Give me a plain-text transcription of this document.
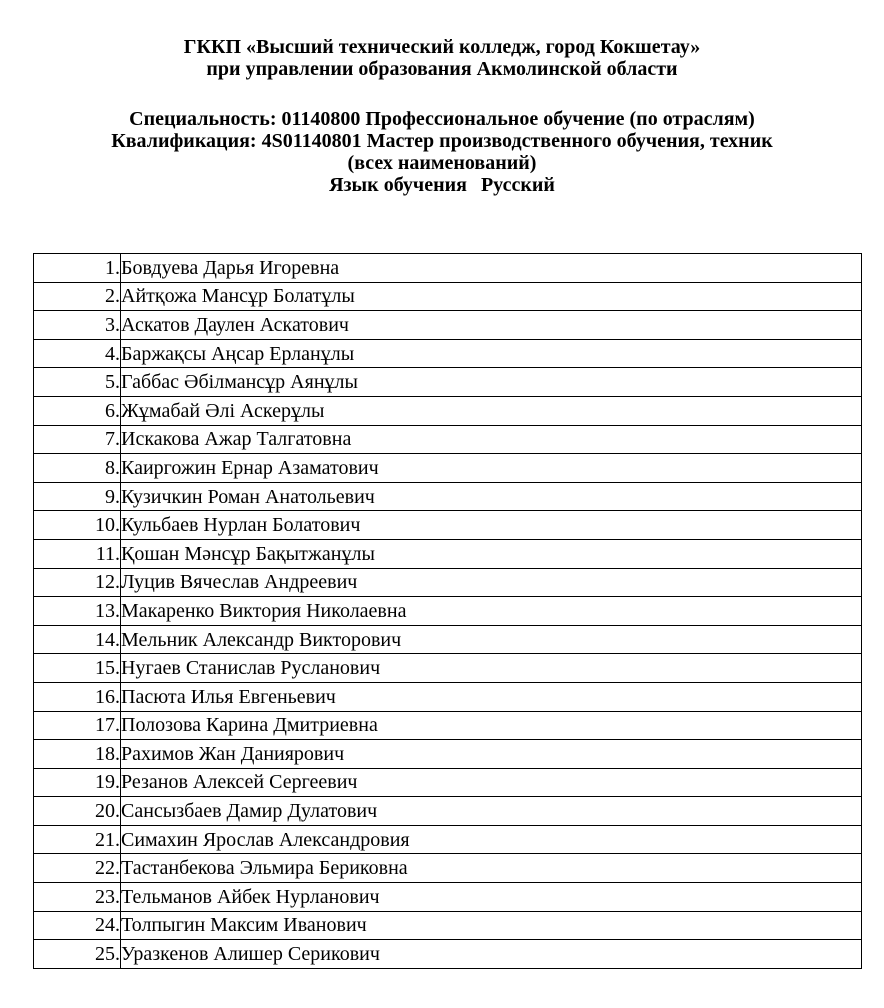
ГККП «Высший технический колледж, город Кокшетау»
при управлении образования Акмолинской области
Специальность: 01140800 Профессиональное обучение (по отраслям)
Квалификация: 4S01140801 Мастер производственного обучения, техник
(всех наименований)
Язык обучения Русский
1.	Бовдуева Дарья Игоревна
2.	Айтқожа Мансұр Болатұлы
3.	Аскатов Даулен Аскатович
4.	Баржақсы Аңсар Ерланұлы
5.	Габбас Әбілмансұр Аянұлы
6.	Жұмабай Әлі Аскерұлы
7.	Искакова Ажар Талгатовна
8.	Каиргожин Ернар Азаматович
9.	Кузичкин Роман Анатольевич
10.	Кульбаев Нурлан Болатович
11.	Қошан Мәнсұр Бақытжанұлы
12.	Луцив Вячеслав Андреевич
13.	Макаренко Виктория Николаевна
14.	Мельник Александр Викторович
15.	Нугаев Станислав Русланович
16.	Пасюта Илья Евгеньевич
17.	Полозова Карина Дмитриевна
18.	Рахимов Жан Даниярович
19.	Резанов Алексей Сергеевич
20.	Сансызбаев Дамир Дулатович
21.	Симахин Ярослав Александровия
22.	Тастанбекова Эльмира Бериковна
23.	Тельманов Айбек Нурланович
24.	Толпыгин Максим Иванович
25.	Уразкенов Алишер Серикович
